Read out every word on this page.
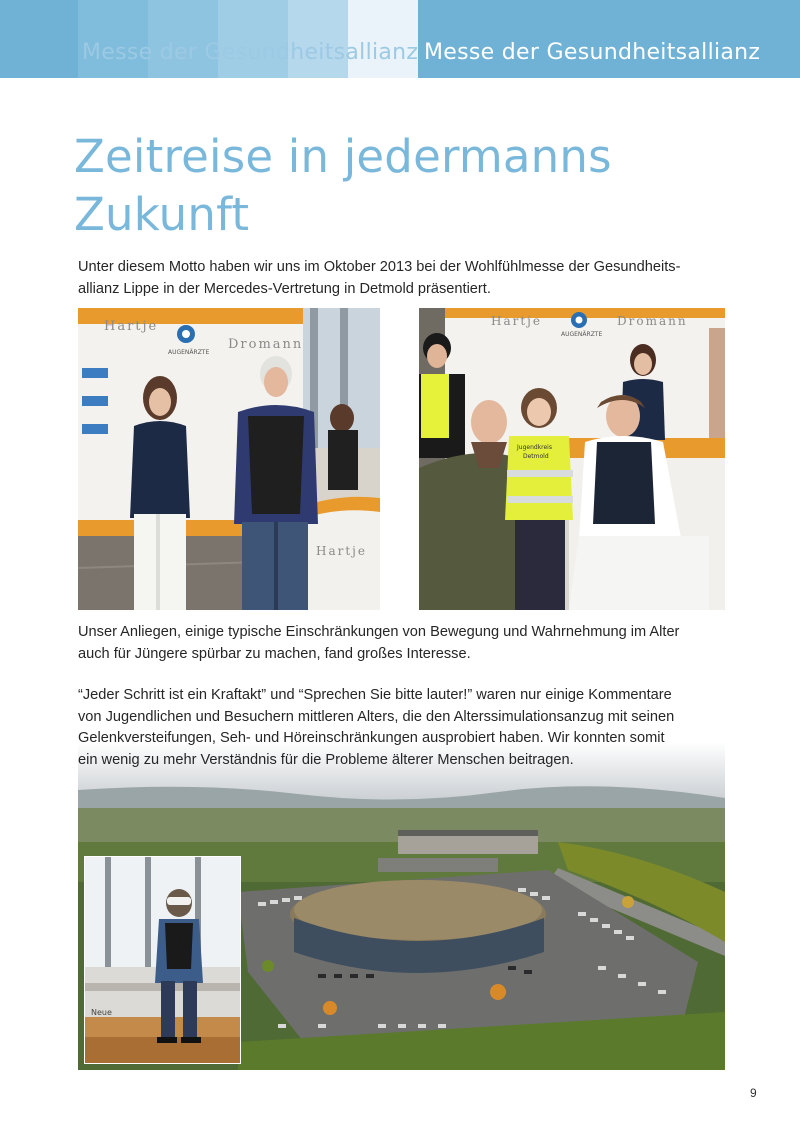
Messe der Gesundheitsallianz Messe der Gesundheitsallianz
Zeitreise in jedermanns
Zukunft

Unter diesem Motto haben wir uns im Oktober 2013 bei der Wohlfühlmesse der Gesundheits-
allianz Lippe in der Mercedes-Vertretung in Detmold präsentiert.

Hartje
Dromann
AUGENÄRZTE
Hartje
Hartje	Dromann
AUGENÄRZTE
Jugendkreis
Detmold

Unser Anliegen, einige typische Einschränkungen von Bewegung und Wahrnehmung im Alter
auch für Jüngere spürbar zu machen, fand großes Interesse.

Neue

“Jeder Schritt ist ein Kraftakt” und “Sprechen Sie bitte lauter!” waren nur einige Kommentare
von Jugendlichen und Besuchern mittleren Alters, die den Alterssimulationsanzug mit seinen
Gelenkversteifungen, Seh- und Höreinschränkungen ausprobiert haben. Wir konnten somit
ein wenig zu mehr Verständnis für die Probleme älterer Menschen beitragen.

9
